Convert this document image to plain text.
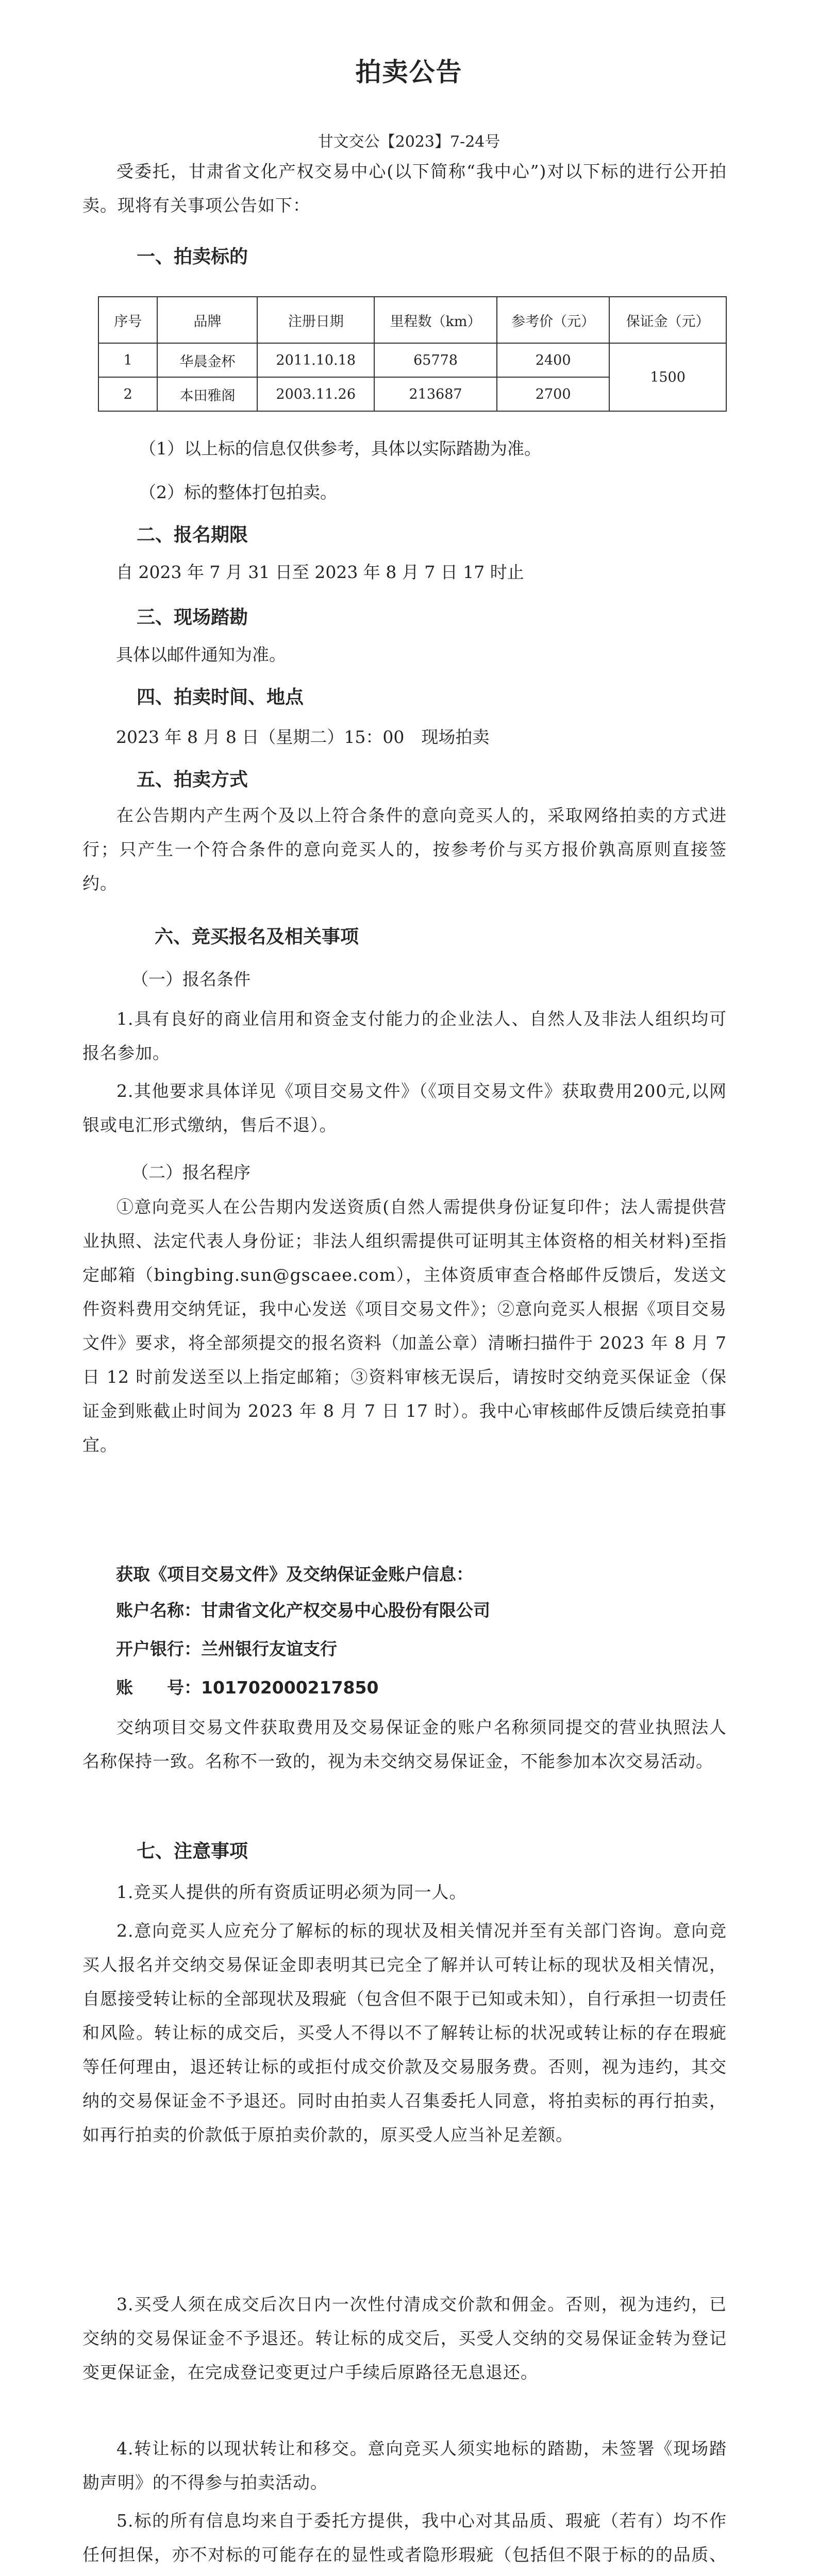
拍卖公告
甘文交公【2023】7-24号

受委托，甘肃省文化产权交易中心(以下简称“我中心”)对以下标的进行公开拍卖。现将有关事项公告如下：

一、拍卖标的

序号	品牌	注册日期	里程数（km）	参考价（元）	保证金（元）
1	华晨金杯	2011.10.18	65778	2400	1500
2	本田雅阁	2003.11.26	213687	2700	

（1）以上标的信息仅供参考，具体以实际踏勘为准。

（2）标的整体打包拍卖。

二、报名期限

自 2023 年 7 月 31 日至 2023 年 8 月 7 日 17 时止

三、现场踏勘

具体以邮件通知为准。

四、拍卖时间、地点

2023 年 8 月 8 日（星期二）15：00　现场拍卖

五、拍卖方式

在公告期内产生两个及以上符合条件的意向竞买人的，采取网络拍卖的方式进行；只产生一个符合条件的意向竞买人的，按参考价与买方报价孰高原则直接签约。

六、竞买报名及相关事项

（一）报名条件

1.具有良好的商业信用和资金支付能力的企业法人、自然人及非法人组织均可报名参加。

2.其他要求具体详见《项目交易文件》（《项目交易文件》获取费用200元,以网银或电汇形式缴纳，售后不退）。

（二）报名程序

①意向竞买人在公告期内发送资质(自然人需提供身份证复印件；法人需提供营业执照、法定代表人身份证；非法人组织需提供可证明其主体资格的相关材料)至指定邮箱（bingbing.sun@gscaee.com），主体资质审查合格邮件反馈后，发送文件资料费用交纳凭证，我中心发送《项目交易文件》；②意向竞买人根据《项目交易文件》要求，将全部须提交的报名资料（加盖公章）清晰扫描件于 2023 年 8 月 7 日 12 时前发送至以上指定邮箱；③资料审核无误后，请按时交纳竞买保证金（保证金到账截止时间为 2023 年 8 月 7 日 17 时）。我中心审核邮件反馈后续竞拍事宜。

获取《项目交易文件》及交纳保证金账户信息：

账户名称：甘肃省文化产权交易中心股份有限公司

开户银行：兰州银行友谊支行

账　　号：101702000217850

交纳项目交易文件获取费用及交易保证金的账户名称须同提交的营业执照法人名称保持一致。名称不一致的，视为未交纳交易保证金，不能参加本次交易活动。

七、注意事项

1.竞买人提供的所有资质证明必须为同一人。

2.意向竞买人应充分了解标的标的现状及相关情况并至有关部门咨询。意向竞买人报名并交纳交易保证金即表明其已完全了解并认可转让标的现状及相关情况，自愿接受转让标的全部现状及瑕疵（包含但不限于已知或未知），自行承担一切责任和风险。转让标的成交后，买受人不得以不了解转让标的状况或转让标的存在瑕疵等任何理由，退还转让标的或拒付成交价款及交易服务费。否则，视为违约，其交纳的交易保证金不予退还。同时由拍卖人召集委托人同意，将拍卖标的再行拍卖，如再行拍卖的价款低于原拍卖价款的，原买受人应当补足差额。

3.买受人须在成交后次日内一次性付清成交价款和佣金。否则，视为违约，已交纳的交易保证金不予退还。转让标的成交后，买受人交纳的交易保证金转为登记变更保证金，在完成登记变更过户手续后原路径无息退还。

4.转让标的以现状转让和移交。意向竞买人须实地标的踏勘，未签署《现场踏勘声明》的不得参与拍卖活动。

5.标的所有信息均来自于委托方提供，我中心对其品质、瑕疵（若有）均不作任何担保，亦不对标的可能存在的显性或者隐形瑕疵（包括但不限于标的的品质、
